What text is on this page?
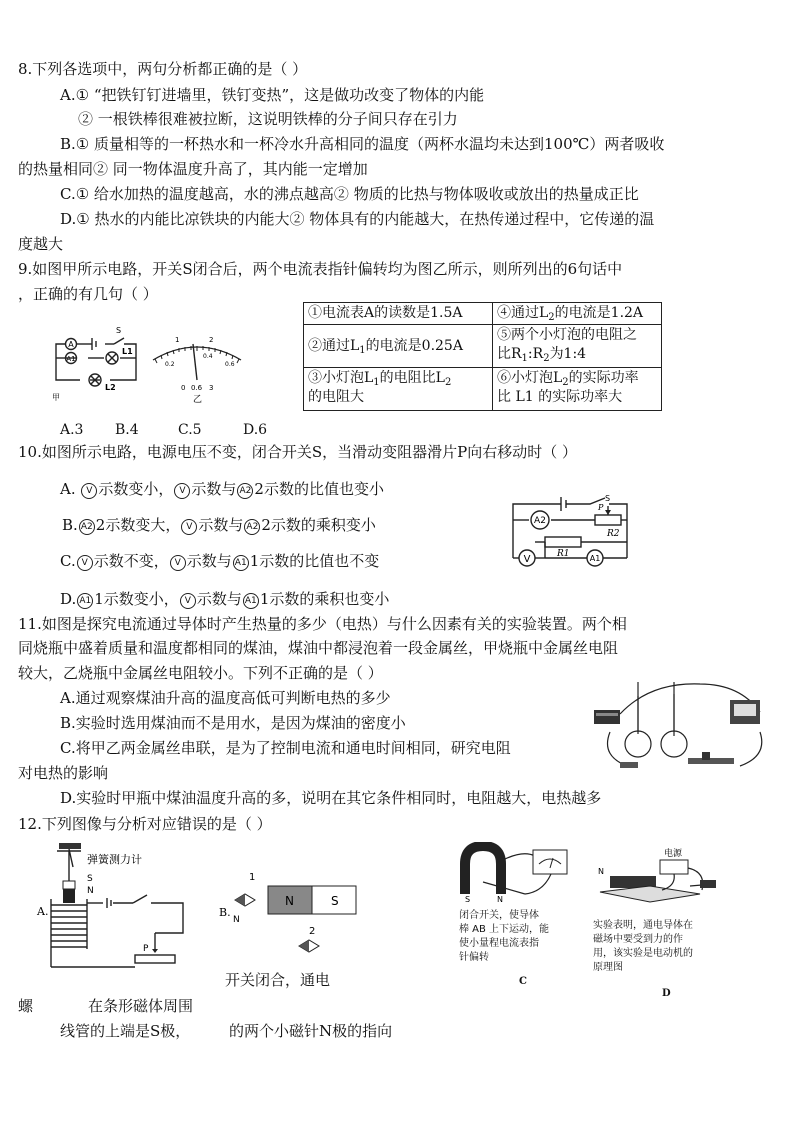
8.下列各选项中，两句分析都正确的是（ ）
A.① “把铁钉钉进墙里，铁钉变热”，这是做功改变了物体的内能
② 一根铁棒很难被拉断，这说明铁棒的分子间只存在引力
B.① 质量相等的一杯热水和一杯冷水升高相同的温度（两杯水温均未达到100℃）两者吸收
的热量相同② 同一物体温度升高了，其内能一定增加
C.① 给水加热的温度越高，水的沸点越高② 物质的比热与物体吸收或放出的热量成正比
D.① 热水的内能比凉铁块的内能大② 物体具有的内能越大，在热传递过程中，它传递的温
度越大
9.如图甲所示电路，开关S闭合后，两个电流表指针偏转均为图乙所示，则所列出的6句话中
，正确的有几句（ ）
A
A1
S
L1
L2
甲
1	2
0.2
0.4
0.6
0 0.6 3
乙
①电流表A的读数是1.5A	④通过$L_2$的电流是1.2A
②通过$L_1$的电流是0.25A	⑤两个小灯泡的电阻之
比$R_1:R_2$为1:4
③小灯泡$L_1$的电阻比$L_2$
的电阻大	⑥小灯泡$L_2$的实际功率
比 L1 的实际功率大
A.3 B.4	C.5	D.6
10.如图所示电路，电源电压不变，闭合开关S，当滑动变阻器滑片P向右移动时（ ）
A. V 示数变小， V 示数与 A2 2示数的比值也变小
B. A2 2示数变大， V 示数与 A2 2示数的乘积变小
C. V 示数不变， V 示数与 A1 1示数的比值也不变
D. A1 1示数变小， V 示数与 A1 1示数的乘积也变小
A2
V	A1
S
P
R1
R2
11.如图是探究电流通过导体时产生热量的多少（电热）与什么因素有关的实验装置。两个相
同烧瓶中盛着质量和温度都相同的煤油，煤油中都浸泡着一段金属丝，甲烧瓶中金属丝电阻
较大，乙烧瓶中金属丝电阻较小。下列不正确的是（ ）
A.通过观察煤油升高的温度高低可判断电热的多少
B.实验时选用煤油而不是用水，是因为煤油的密度小
C.将甲乙两金属丝串联，是为了控制电流和通电时间相同，研究电阻
对电热的影响
D.实验时甲瓶中煤油温度升高的多，说明在其它条件相同时，电阻越大，电热越多
12.下列图像与分析对应错误的是（ ）
弹簧测力计
S
N
P
A.
1
2
N	S
B.
N
开关闭合，通电
S	N
闭合开关，使导体
棒 AB 上下运动，能
使小量程电流表指
针偏转
C
电源
N
实验表明，通电导体在
磁场中要受到力的作
用，该实验是电动机的
原理图
D
螺	在条形磁体周围
线管的上端是S极，	的两个小磁针N极的指向
